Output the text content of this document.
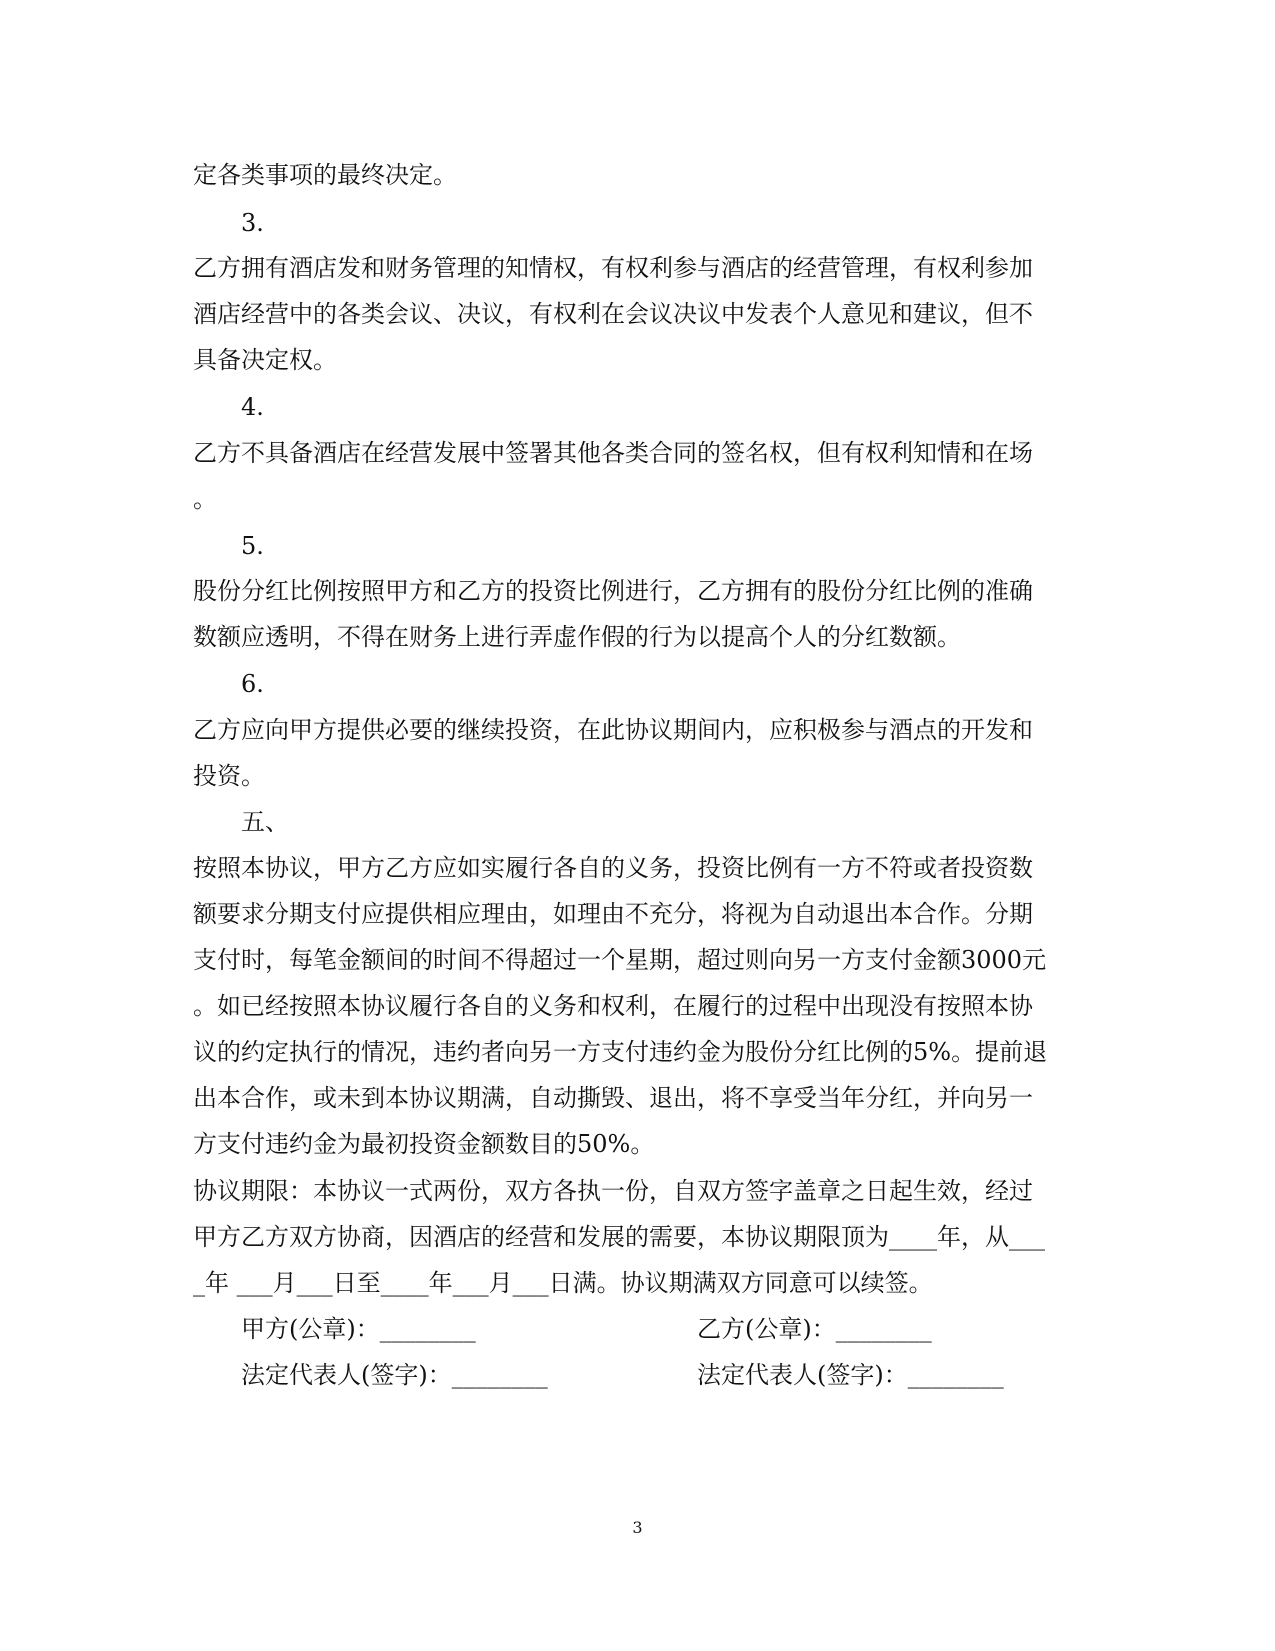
定各类事项的最终决定。
3.
乙方拥有酒店发和财务管理的知情权，有权利参与酒店的经营管理，有权利参加
酒店经营中的各类会议、决议，有权利在会议决议中发表个人意见和建议，但不
具备决定权。
4.
乙方不具备酒店在经营发展中签署其他各类合同的签名权，但有权利知情和在场
。
5.
股份分红比例按照甲方和乙方的投资比例进行，乙方拥有的股份分红比例的准确
数额应透明，不得在财务上进行弄虚作假的行为以提高个人的分红数额。
6.
乙方应向甲方提供必要的继续投资，在此协议期间内，应积极参与酒点的开发和
投资。
五、
按照本协议，甲方乙方应如实履行各自的义务，投资比例有一方不符或者投资数
额要求分期支付应提供相应理由，如理由不充分，将视为自动退出本合作。分期
支付时，每笔金额间的时间不得超过一个星期，超过则向另一方支付金额3000元
。如已经按照本协议履行各自的义务和权利，在履行的过程中出现没有按照本协
议的约定执行的情况，违约者向另一方支付违约金为股份分红比例的5%。提前退
出本合作，或未到本协议期满，自动撕毁、退出，将不享受当年分红，并向另一
方支付违约金为最初投资金额数目的50%。
协议期限：本协议一式两份，双方各执一份，自双方签字盖章之日起生效，经过
甲方乙方双方协商，因酒店的经营和发展的需要，本协议期限顶为____年，从___
_年 ___月___日至____年___月___日满。协议期满双方同意可以续签。
甲方(公章)：________	乙方(公章)：________
法定代表人(签字)：________	法定代表人(签字)：________
3
